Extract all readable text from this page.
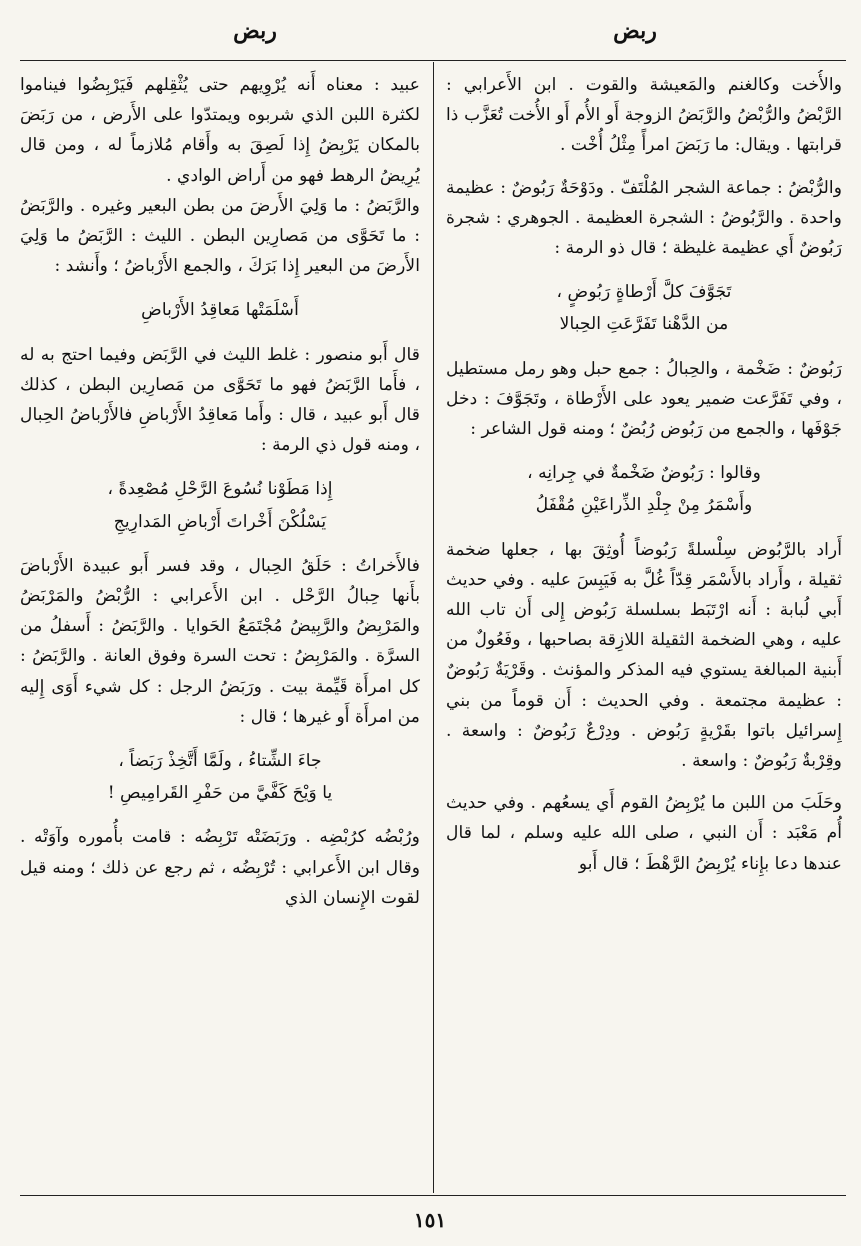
ربض
ربض

والأُخت وكالغنم والمَعيشة والقوت . ابن الأَعرابي : الرَّبْضُ والرُّبْضُ والرَّبَضُ الزوجة أَو الأُم أَو الأُخت تُعَزَّب ذا قرابتها . ويقال: ما رَبَضَ امرأً مِثْلُ أُخْت .

والرُّبْضُ : جماعة الشجر المُلْتَفّ . ودَوْحَةٌ رَبُوضٌ : عظيمة واحدة . والرَّبُوضُ : الشجرة العظيمة . الجوهري : شجرة رَبُوضٌ أَي عظيمة غليظة ؛ قال ذو الرمة :

تَجَوَّفَ كلَّ أَرْطاةٍ رَبُوضٍ ،
من الدَّهْنا تَفَرَّعَتِ الحِبالا

رَبُوضٌ : ضَخْمة ، والحِبالُ : جمع حبل وهو رمل مستطيل ، وفي تَفَرَّعت ضمير يعود على الأَرْطاة ، وتَجَوَّفَ : دخل جَوْفَها ، والجمع من رَبُوض رُبُضٌ ؛ ومنه قول الشاعر :

وقالوا : رَبُوضٌ ضَخْمةٌ في جِرانِه ،
وأَسْمَرُ مِنْ جِلْدِ الذِّراعَيْنِ مُقْفَلُ

أَراد بالرَّبُوض سِلْسلةً رَبُوضاً أُوثِقَ بها ، جعلها ضخمة ثقيلة ، وأَراد بالأَسْمَر قِدّاً غُلَّ به فَيَبِسَ عليه . وفي حديث أَبي لُبابة : أَنه ارْتَبَط بسلسلة رَبُوض إِلى أَن تاب الله عليه ، وهي الضخمة الثقيلة اللازِقة بصاحبها ، وفَعُولٌ من أَبنية المبالغة يستوي فيه المذكر والمؤنث . وقَرْيَةٌ رَبُوضٌ : عظيمة مجتمعة . وفي الحديث : أَن قوماً من بني إِسرائيل باتوا بقَرْيةٍ رَبُوض . ودِرْعٌ رَبُوضٌ : واسعة . وقِرْبةٌ رَبُوضٌ : واسعة .

وحَلَبَ من اللبن ما يُرْبِضُ القوم أَي يسعُهم . وفي حديث أُم مَعْبَد : أَن النبي ، صلى الله عليه وسلم ، لما قال عندها دعا بإِناء يُرْبِضُ الرَّهْطَ ؛ قال أَبو

عبيد : معناه أَنه يُرْوِيهم حتى يُثْقِلهم فَيَرْبِضُوا فيناموا لكثرة اللبن الذي شربوه ويمتدّوا على الأَرض ، من رَبَضَ بالمكان يَرْبِضُ إِذا لَصِقَ به وأَقام مُلازماً له ، ومن قال يُرِيضُ الرهط فهو من أَراض الوادي .

والرَّبَضُ : ما وَلِيَ الأَرضَ من بطن البعير وغيره . والرَّبَضُ : ما تَحَوَّى من مَصارِين البطن . الليث : الرَّبَضُ ما وَلِيَ الأَرضَ من البعير إِذا بَرَكَ ، والجمع الأَرْباضُ ؛ وأَنشد :

أَسْلَمَتْها مَعاقِدُ الأَرْباضِ

قال أَبو منصور : غلط الليث في الرَّبَض وفيما احتج به له ، فأَما الرَّبَضُ فهو ما تَحَوَّى من مَصارِين البطن ، كذلك قال أَبو عبيد ، قال : وأَما مَعاقِدُ الأَرْباضِ فالأَرْباضُ الحِبال ، ومنه قول ذي الرمة :

إِذا مَطَوْنا نُسُوعَ الرَّحْلِ مُصْعِدةً ،
يَسْلُكْنَ أَخْراتَ أَرْباضِ المَدارِيجِ

فالأَخراتُ : حَلَقُ الحِبال ، وقد فسر أَبو عبيدة الأَرْباضَ بأَنها حِبالُ الرَّحْل . ابن الأَعرابي : الرُّبْضُ والمَرْبَضُ والمَرْبِضُ والرَّبِيضُ مُجْتَمَعُ الحَوايا . والرَّبَضُ : أَسفلُ من السرَّة . والمَرْبِضُ : تحت السرة وفوق العانة . والرَّبَضُ : كل امرأَة قَيِّمة بيت . ورَبَضُ الرجل : كل شيء أَوَى إِليه من امرأَة أَو غيرها ؛ قال :

جاءَ الشِّتاءُ ، ولَمَّا أَتَّخِذْ رَبَضاً ،
يا وَيْحَ كَفَّيَّ من حَفْرِ القَرامِيصِ !

ورُبْضُه كرُبْضِه . ورَبَضَتْه تَرْبِضُه : قامت بأُموره وآوَتْه . وقال ابن الأَعرابي : تُرْبِضُه ، ثم رجع عن ذلك ؛ ومنه قيل لقوت الإِنسان الذي

١٥١
